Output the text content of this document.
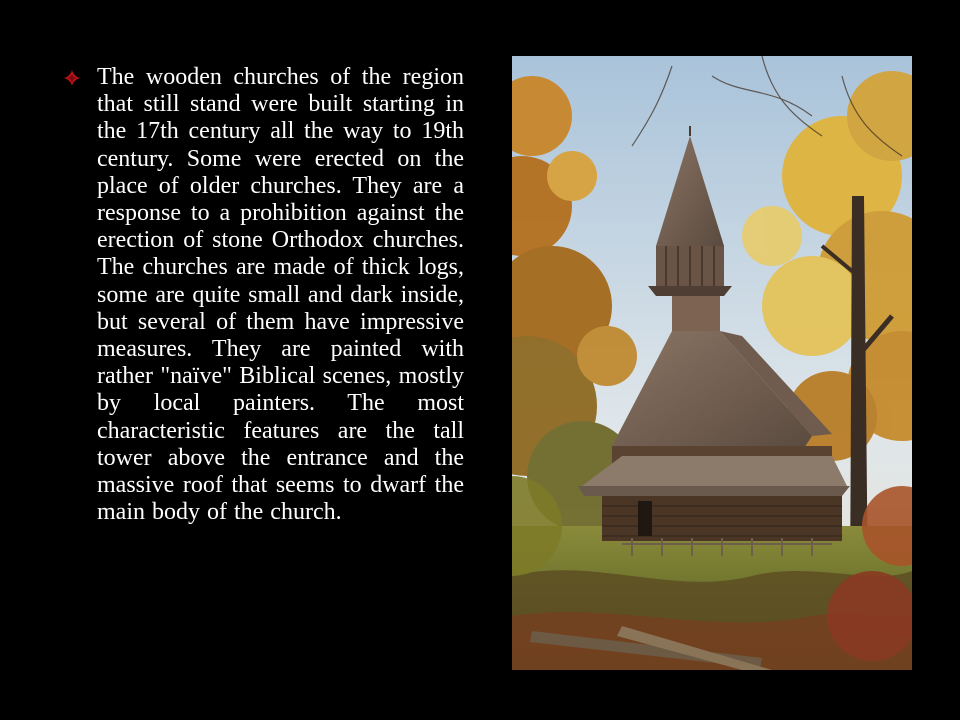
The wooden churches of the region that still stand were built starting in the 17th century all the way to 19th century. Some were erected on the place of older churches. They are a response to a prohibition against the erection of stone Orthodox churches. The churches are made of thick logs, some are quite small and dark inside, but several of them have impressive measures. They are painted with rather "naïve" Biblical scenes, mostly by local painters. The most characteristic features are the tall tower above the entrance and the massive roof that seems to dwarf the main body of the church.
